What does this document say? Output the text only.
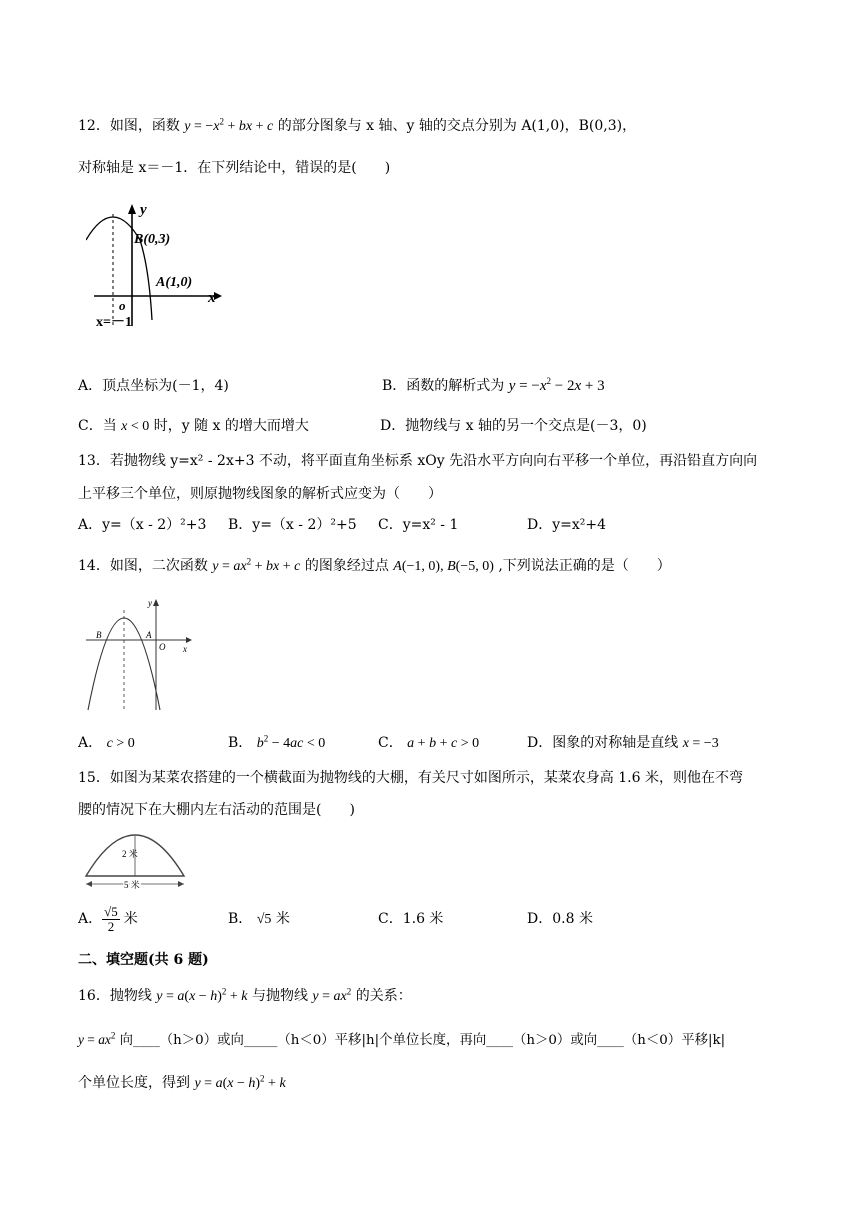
12．如图，函数 $y = -x^2$ + bx + c 的部分图象与 x 轴、y 轴的交点分别为 A(1,0)，B(0,3)，
对称轴是 x＝－1．在下列结论中，错误的是(　　)
y
x
B(0,3)
A(1,0)
o
x=－1
A．顶点坐标为(－1，4)	B．函数的解析式为 $y = -x^2 - 2x + 3$
C．当 x < 0 时，y 随 x 的增大而增大	D．抛物线与 x 轴的另一个交点是(－3，0)
13．若抛物线 y=x² - 2x+3 不动，将平面直角坐标系 xOy 先沿水平方向向右平移一个单位，再沿铅直方向向
上平移三个单位，则原抛物线图象的解析式应变为（　　）
A．y=（x - 2）²+3 B．y=（x - 2）²+5 C．y=x² - 1	D．y=x²+4
14．如图，二次函数 $y = ax^2$ + bx + c 的图象经过点 A(−1, 0), B(−5, 0) ,下列说法正确的是（　　）
y
x
B	A
O
A． c > 0	B． $b^2 - 4ac < 0$	C． a + b + c > 0	D．图象的对称轴是直线 x = −3
15．如图为某菜农搭建的一个横截面为抛物线的大棚，有关尺寸如图所示，某菜农身高 1.6 米，则他在不弯
腰的情况下在大棚内左右活动的范围是(　　)
2 米
5 米
A． $\frac{√5}{2}$ 米	B． √5 米	C．1.6 米	D．0.8 米
二、填空题(共 6 题)
16．抛物线 $y = a(x - h)^2 + k$ 与抛物线 $y = ax^2$ 的关系：
$y = ax^2$ 向____（h＞0）或向_____（h＜0）平移|h|个单位长度，再向____（h＞0）或向____（h＜0）平移|k|
个单位长度，得到 $y = a(x - h)^2 + k$
